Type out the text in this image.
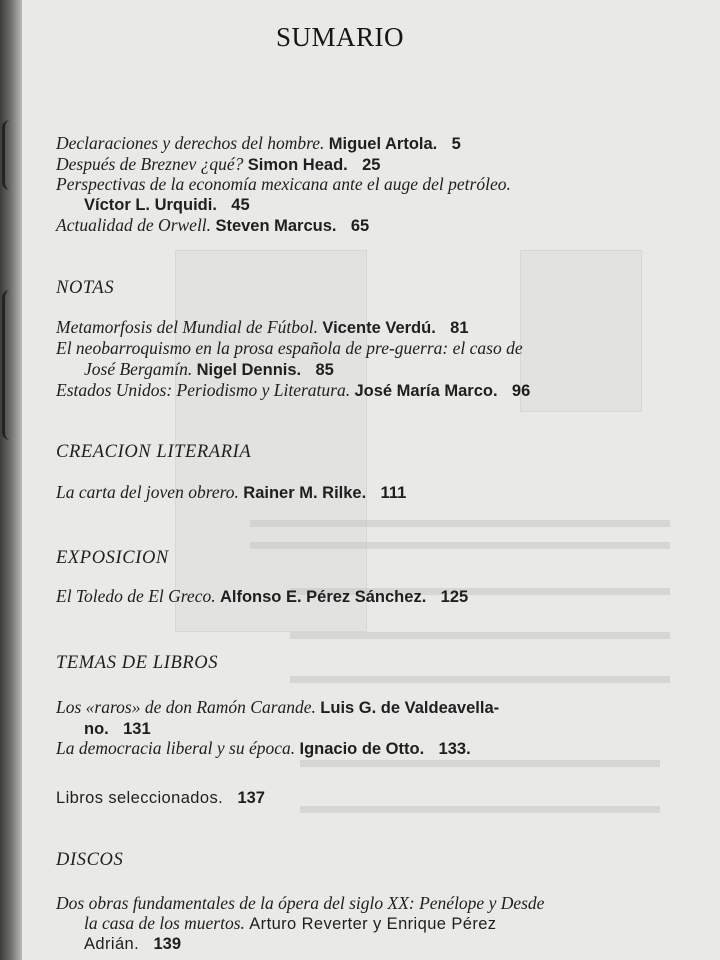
SUMARIO
Declaraciones y derechos del hombre. Miguel Artola. 5
Después de Breznev ¿qué? Simon Head. 25
Perspectivas de la economía mexicana ante el auge del petróleo.
Víctor L. Urquidi. 45
Actualidad de Orwell. Steven Marcus. 65
NOTAS
Metamorfosis del Mundial de Fútbol. Vicente Verdú. 81
El neobarroquismo en la prosa española de pre-guerra: el caso de
José Bergamín. Nigel Dennis. 85
Estados Unidos: Periodismo y Literatura. José María Marco. 96
CREACION LITERARIA
La carta del joven obrero. Rainer M. Rilke. 111
EXPOSICION
El Toledo de El Greco. Alfonso E. Pérez Sánchez. 125
TEMAS DE LIBROS
Los «raros» de don Ramón Carande. Luis G. de Valdeavella-
no. 131
La democracia liberal y su época. Ignacio de Otto. 133.
Libros seleccionados. 137
DISCOS
Dos obras fundamentales de la ópera del siglo XX: Penélope y Desde
la casa de los muertos. Arturo Reverter y Enrique Pérez
Adrián. 139
